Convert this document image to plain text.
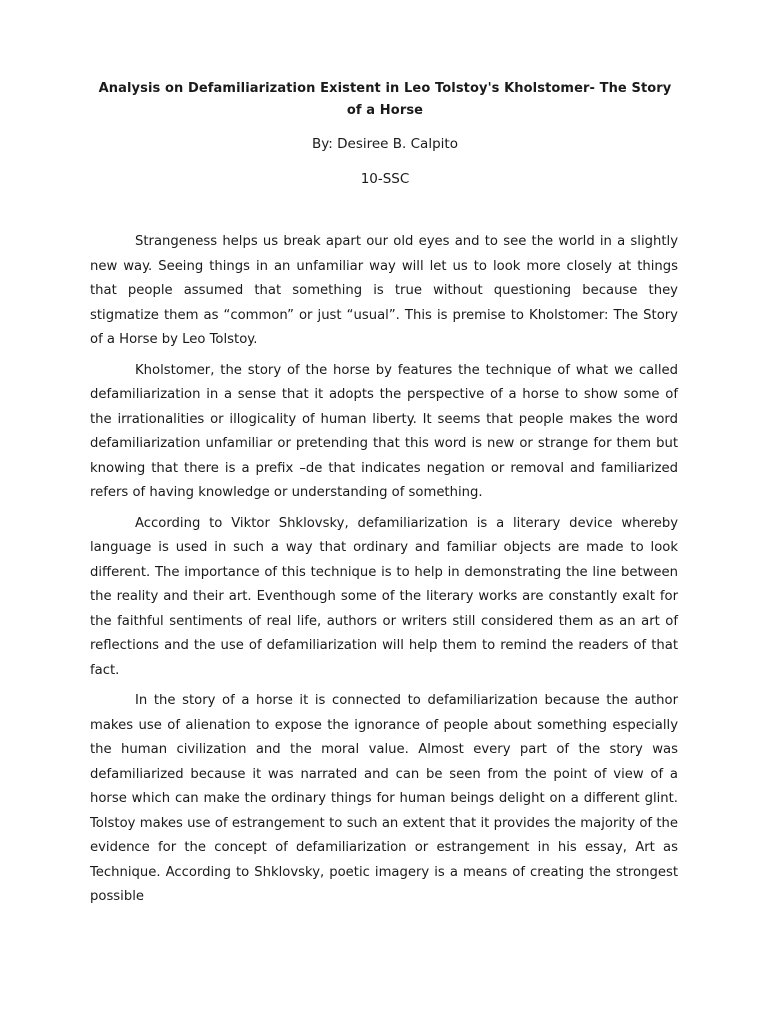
Analysis on Defamiliarization Existent in Leo Tolstoy's Kholstomer- The Story of a Horse
By: Desiree B. Calpito
10-SSC

Strangeness helps us break apart our old eyes and to see the world in a slightly new way. Seeing things in an unfamiliar way will let us to look more closely at things that people assumed that something is true without questioning because they stigmatize them as “common” or just “usual”. This is premise to Kholstomer: The Story of a Horse by Leo Tolstoy.

Kholstomer, the story of the horse by features the technique of what we called defamiliarization in a sense that it adopts the perspective of a horse to show some of the irrationalities or illogicality of human liberty. It seems that people makes the word defamiliarization unfamiliar or pretending that this word is new or strange for them but knowing that there is a prefix –de that indicates negation or removal and familiarized refers of having knowledge or understanding of something.

According to Viktor Shklovsky, defamiliarization is a literary device whereby language is used in such a way that ordinary and familiar objects are made to look different. The importance of this technique is to help in demonstrating the line between the reality and their art. Eventhough some of the literary works are constantly exalt for the faithful sentiments of real life, authors or writers still considered them as an art of reflections and the use of defamiliarization will help them to remind the readers of that fact.

In the story of a horse it is connected to defamiliarization because the author makes use of alienation to expose the ignorance of people about something especially the human civilization and the moral value. Almost every part of the story was defamiliarized because it was narrated and can be seen from the point of view of a horse which can make the ordinary things for human beings delight on a different glint. Tolstoy makes use of estrangement to such an extent that it provides the majority of the evidence for the concept of defamiliarization or estrangement in his essay, Art as Technique. According to Shklovsky, poetic imagery is a means of creating the strongest possible
